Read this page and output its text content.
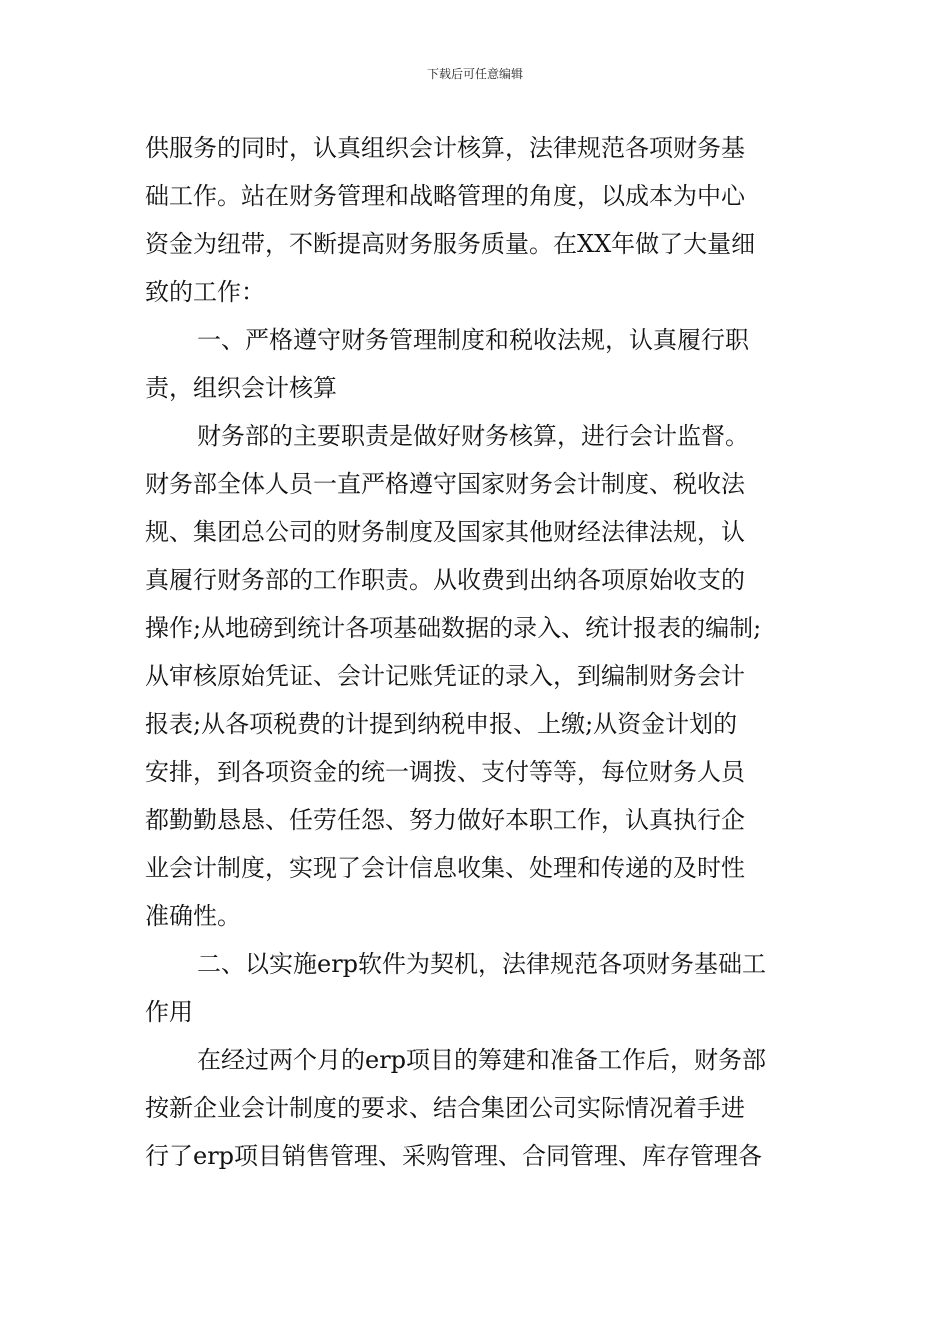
下载后可任意编辑
供服务的同时，认真组织会计核算，法律规范各项财务基
础工作。站在财务管理和战略管理的角度，以成本为中心
资金为纽带，不断提高财务服务质量。在XX年做了大量细
致的工作：
一、严格遵守财务管理制度和税收法规，认真履行职
责，组织会计核算
财务部的主要职责是做好财务核算，进行会计监督。
财务部全体人员一直严格遵守国家财务会计制度、税收法
规、集团总公司的财务制度及国家其他财经法律法规，认
真履行财务部的工作职责。从收费到出纳各项原始收支的
操作;从地磅到统计各项基础数据的录入、统计报表的编制;
从审核原始凭证、会计记账凭证的录入，到编制财务会计
报表;从各项税费的计提到纳税申报、上缴;从资金计划的
安排，到各项资金的统一调拨、支付等等，每位财务人员
都勤勤恳恳、任劳任怨、努力做好本职工作，认真执行企
业会计制度，实现了会计信息收集、处理和传递的及时性
准确性。
二、以实施erp软件为契机，法律规范各项财务基础工
作用
在经过两个月的erp项目的筹建和准备工作后，财务部
按新企业会计制度的要求、结合集团公司实际情况着手进
行了erp项目销售管理、采购管理、合同管理、库存管理各
